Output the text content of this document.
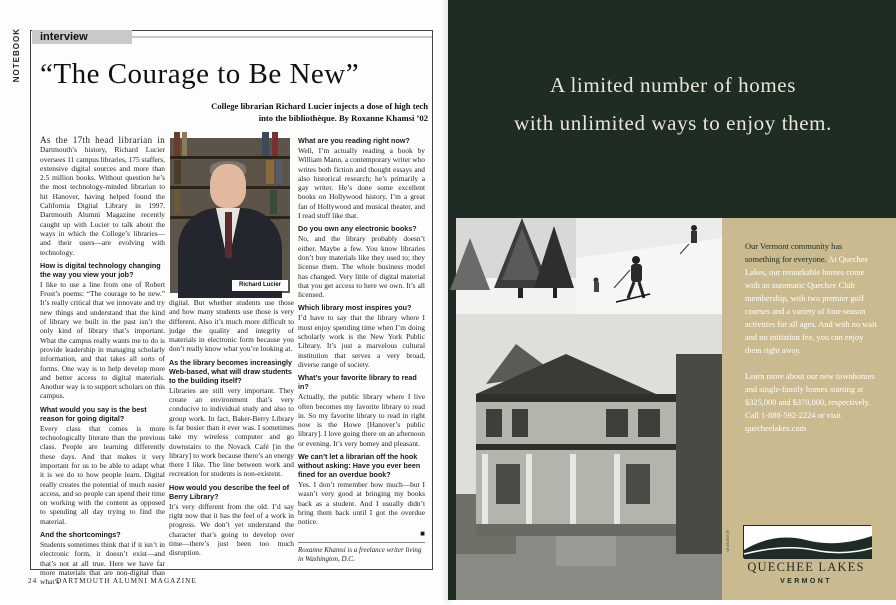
NOTEBOOK	interview
“The Courage to Be New”
College librarian Richard Lucier injects a dose of high tech
into the bibliothèque. By Roxanne Khamsi ’02

As the 17th head librarian in Dartmouth’s history, Richard Lucier oversees 11 campus libraries, 175 staffers, extensive digital sources and more than 2.5 million books. Without question he’s the most technology-minded librarian to hit Hanover, having helped found the California Digital Library in 1997. Dartmouth Alumni Magazine recently caught up with Lucier to talk about the ways in which the College’s libraries—and their users—are evolving with technology.

How is digital technology changing the way you view your job?

I like to use a line from one of Robert Frost’s poems: “The courage to be new.” It’s really critical that we innovate and try new things and understand that the kind of library we built in the past isn’t the only kind of library that’s important. What the campus really wants me to do is provide leadership in managing scholarly information, and that takes all sorts of forms. One way is to help develop more and better access to digital materials. Another way is to support scholars on this campus.

What would you say is the best reason for going digital?

Every class that comes is more technologically literate than the previous class. People are learning differently these days. And that makes it very important for us to be able to adapt what it is we do to how people learn. Digital really creates the potential of much easier access, and so people can spend their time on working with the content as opposed to spending all day trying to find the material.

And the shortcomings?

Students sometimes think that if it isn’t in electronic form, it doesn’t exist—and that’s not at all true. Here we have far more materials that are non-digital than what’s

Richard Lucier

digital. But whether students use those and how many students use those is very different. Also it’s much more difficult to judge the quality and integrity of materials in electronic form because you don’t really know what you’re looking at.

As the library becomes increasingly Web-based, what will draw students to the building itself?

Libraries are still very important. They create an environment that’s very conducive to individual study and also to group work. In fact, Baker-Berry Library is far busier than it ever was. I sometimes take my wireless computer and go downstairs to the Novack Café [in the library] to work because there’s an energy there I like. The line between work and recreation for students is non-existent.

How would you describe the feel of Berry Library?

It’s very different from the old. I’d say right now that it has the feel of a work in progress. We don’t yet understand the character that’s going to develop over time—there’s just been too much disruption.

What are you reading right now?

Well, I’m actually reading a book by William Mann, a contemporary writer who writes both fiction and thought essays and also historical research; he’s primarily a gay writer. He’s done some excellent books on Hollywood history. I’m a great fan of Hollywood and musical theater, and I read stuff like that.

Do you own any electronic books?

No, and the library probably doesn’t either. Maybe a few. You know libraries don’t buy materials like they used to; they license them. The whole business model has changed. Very little of digital material that you get access to here we own. It’s all licensed.

Which library most inspires you?

I’d have to say that the library where I most enjoy spending time when I’m doing scholarly work is the New York Public Library. It’s just a marvelous cultural institution that serves a very broad, diverse range of society.

What’s your favorite library to read in?

Actually, the public library where I live often becomes my favorite library to read in. So my favorite library to read in right now is the Howe [Hanover’s public library]. I love going there on an afternoon or evening. It’s very homey and pleasant.

We can’t let a librarian off the hook without asking: Have you ever been fined for an overdue book?

Yes. I don’t remember how much—but I wasn’t very good at bringing my books back as a student. And I usually didn’t bring them back until I got the overdue notice.

■
Roxanne Khamsi is a freelance writer living in Washington, D.C.
24	DARTMOUTH ALUMNI MAGAZINE
A limited number of homes
with unlimited ways to enjoy them.

Our Vermont community has something for everyone. At Quechee Lakes, our remarkable homes come with an automatic Quechee Club membership, with two premier golf courses and a variety of four-season activities for all ages. And with no wait and no initiation fee, you can enjoy them right away.

Learn more about our new townhomes and single-family homes starting at $325,000 and $370,000, respectively. Call 1-888-592-2224 or visit quecheelakes.com

VII IM1909 09
QUECHEE LAKES
VERMONT
